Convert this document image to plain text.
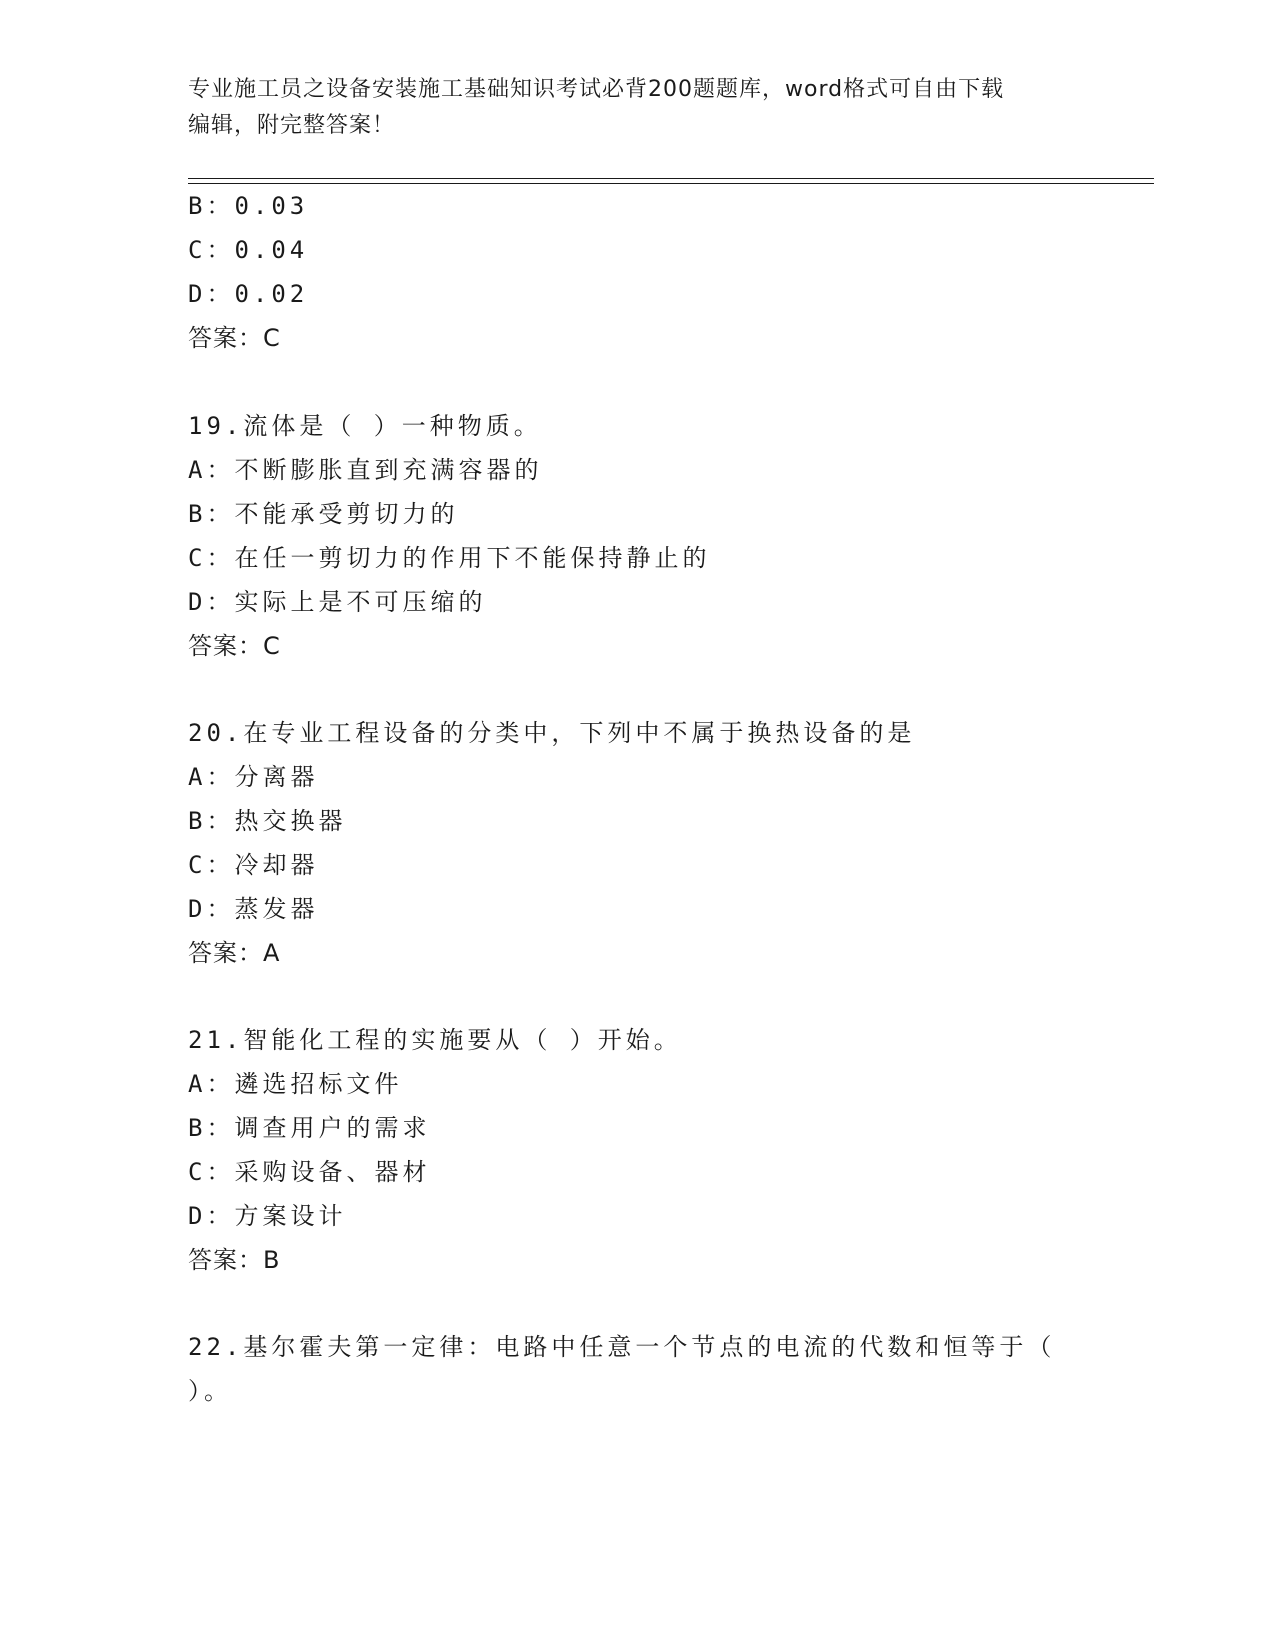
专业施工员之设备安装施工基础知识考试必背200题题库，word格式可自由下载
编辑，附完整答案！
B：0.03
C：0.04
D：0.02
答案：C
19.流体是（ ）一种物质。
A：不断膨胀直到充满容器的
B：不能承受剪切力的
C：在任一剪切力的作用下不能保持静止的
D：实际上是不可压缩的
答案：C
20.在专业工程设备的分类中，下列中不属于换热设备的是
A：分离器
B：热交换器
C：冷却器
D：蒸发器
答案：A
21.智能化工程的实施要从（ ）开始。
A：遴选招标文件
B：调查用户的需求
C：采购设备、器材
D：方案设计
答案：B
22.基尔霍夫第一定律：电路中任意一个节点的电流的代数和恒等于（
）。
